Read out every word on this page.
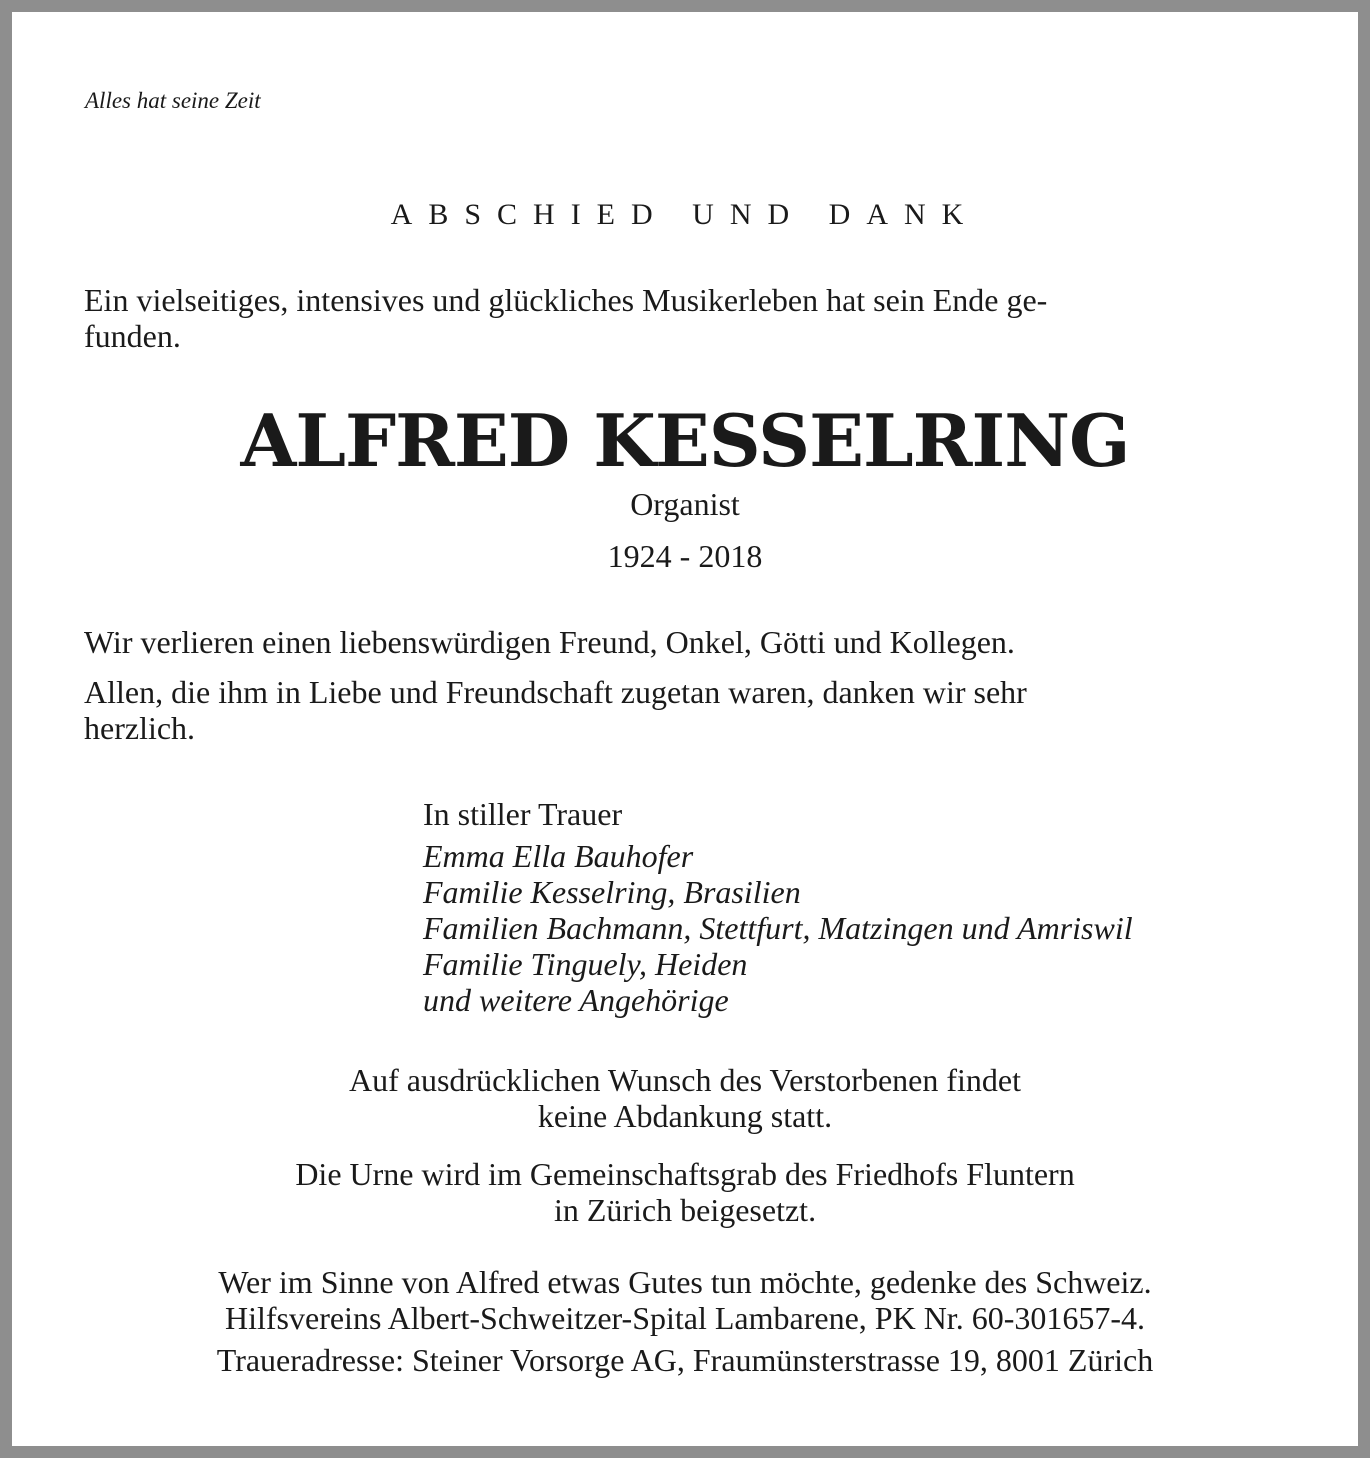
Alles hat seine Zeit
ABSCHIED UND DANK
Ein vielseitiges, intensives und glückliches Musikerleben hat sein Ende ge-
funden.
ALFRED KESSELRING
Organist
1924 - 2018
Wir verlieren einen liebenswürdigen Freund, Onkel, Götti und Kollegen.
Allen, die ihm in Liebe und Freundschaft zugetan waren, danken wir sehr
herzlich.
In stiller Trauer
Emma Ella Bauhofer
Familie Kesselring, Brasilien
Familien Bachmann, Stettfurt, Matzingen und Amriswil
Familie Tinguely, Heiden
und weitere Angehörige
Auf ausdrücklichen Wunsch des Verstorbenen findet
keine Abdankung statt.
Die Urne wird im Gemeinschaftsgrab des Friedhofs Fluntern
in Zürich beigesetzt.
Wer im Sinne von Alfred etwas Gutes tun möchte, gedenke des Schweiz.
Hilfsvereins Albert-Schweitzer-Spital Lambarene, PK Nr. 60-301657-4.
Traueradresse: Steiner Vorsorge AG, Fraumünsterstrasse 19, 8001 Zürich
